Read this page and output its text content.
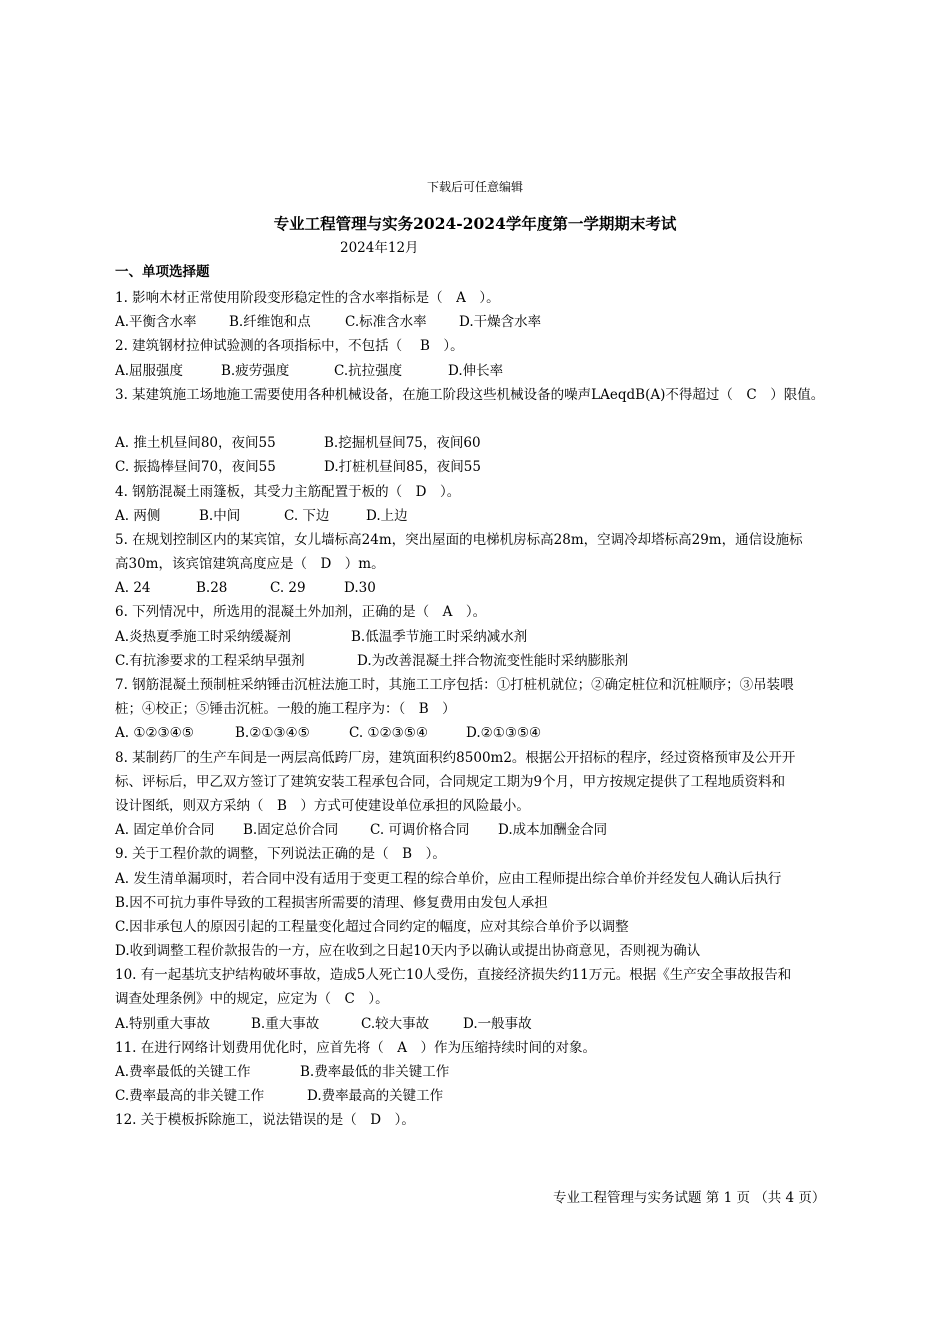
下载后可任意编辑
专业工程管理与实务2024-2024学年度第一学期期末考试
2024年12月
一、单项选择题
1. 影响木材正常使用阶段变形稳定性的含水率指标是（　A　）。
A.平衡含水率 B.纤维饱和点	C.标准含水率 D.干燥含水率
2. 建筑钢材拉伸试验测的各项指标中，不包括（　 B　）。
A.屈服强度	B.疲劳强度	C.抗拉强度	D.伸长率
3. 某建筑施工场地施工需要使用各种机械设备，在施工阶段这些机械设备的噪声LAeqdB(A)不得超过（　C　）限值。
A. 推土机昼间80，夜间55	B.挖掘机昼间75，夜间60
C. 振捣棒昼间70，夜间55	D.打桩机昼间85，夜间55
4. 钢筋混凝土雨篷板，其受力主筋配置于板的（　D　）。
A. 两侧	B.中间	C. 下边	D.上边
5. 在规划控制区内的某宾馆，女儿墙标高24m，突出屋面的电梯机房标高28m，空调冷却塔标高29m，通信设施标
高30m，该宾馆建筑高度应是（　D　）m。
A. 24	B.28	C. 29	D.30
6. 下列情况中，所选用的混凝土外加剂，正确的是（　A　）。
A.炎热夏季施工时采纳缓凝剂	B.低温季节施工时采纳减水剂
C.有抗渗要求的工程采纳早强剂	D.为改善混凝土拌合物流变性能时采纳膨胀剂
7. 钢筋混凝土预制桩采纳锤击沉桩法施工时，其施工工序包括：①打桩机就位；②确定桩位和沉桩顺序；③吊装喂
桩；④校正；⑤锤击沉桩。一般的施工程序为：（　B　）
A. ①②③④⑤	B.②①③④⑤	C. ①②③⑤④	D.②①③⑤④
8. 某制药厂的生产车间是一两层高低跨厂房，建筑面积约8500m2。根据公开招标的程序，经过资格预审及公开开
标、评标后，甲乙双方签订了建筑安装工程承包合同，合同规定工期为9个月，甲方按规定提供了工程地质资料和
设计图纸，则双方采纳（　B　）方式可使建设单位承担的风险最小。
A. 固定单价合同 B.固定总价合同 C. 可调价格合同 D.成本加酬金合同
9. 关于工程价款的调整，下列说法正确的是（　B　）。
A. 发生清单漏项时，若合同中没有适用于变更工程的综合单价，应由工程师提出综合单价并经发包人确认后执行
B.因不可抗力事件导致的工程损害所需要的清理、修复费用由发包人承担
C.因非承包人的原因引起的工程量变化超过合同约定的幅度，应对其综合单价予以调整
D.收到调整工程价款报告的一方，应在收到之日起10天内予以确认或提出协商意见，否则视为确认
10. 有一起基坑支护结构破坏事故，造成5人死亡10人受伤，直接经济损失约11万元。根据《生产安全事故报告和
调查处理条例》中的规定，应定为（　C　）。
A.特别重大事故	B.重大事故	C.较大事故	D.一般事故
11. 在进行网络计划费用优化时，应首先将（　A　）作为压缩持续时间的对象。
A.费率最低的关键工作	B.费率最低的非关键工作
C.费率最高的非关键工作	D.费率最高的关键工作
12. 关于模板拆除施工，说法错误的是（　D　）。
专业工程管理与实务试题 第 1 页 （共 4 页）
